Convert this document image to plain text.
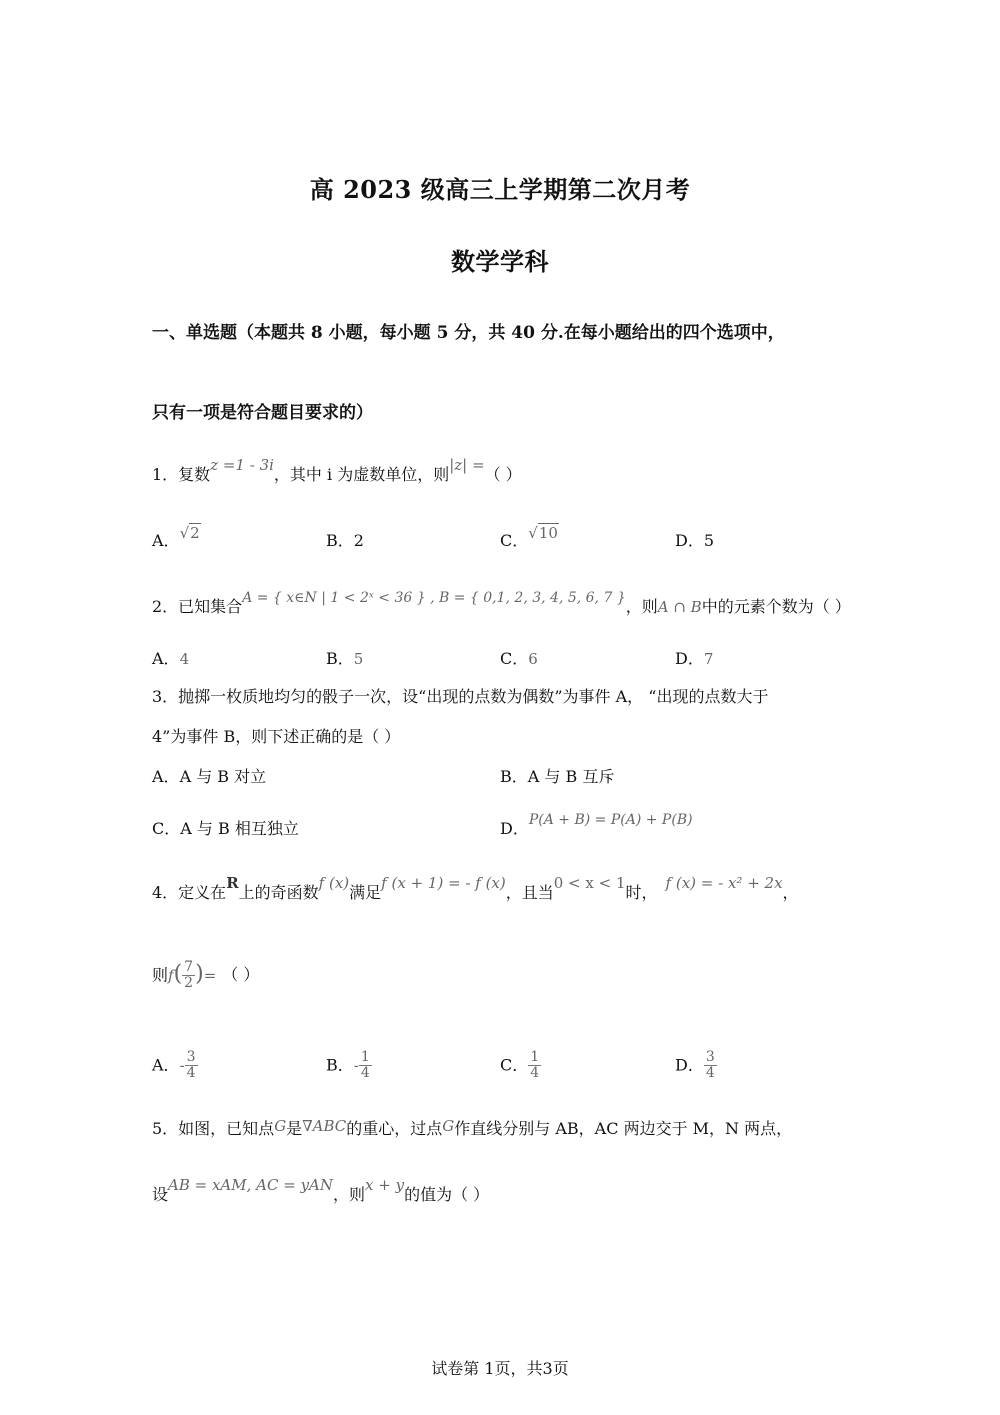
高 2023 级高三上学期第二次月考
数学学科
一、单选题（本题共 8 小题，每小题 5 分，共 40 分.在每小题给出的四个选项中，
只有一项是符合题目要求的）
1．复数z =1 - 3i，其中 i 为虚数单位，则|z| =（ ）
A．√2	B．2	C．√10	D．5
2．已知集合A = { x∈N | 1 < 2ˣ < 36 } , B = { 0,1, 2, 3, 4, 5, 6, 7 }，则A ∩ B中的元素个数为（ ）
A．4	B．5	C．6	D．7
3．抛掷一枚质地均匀的骰子一次，设“出现的点数为偶数”为事件 A， “出现的点数大于
4”为事件 B，则下述正确的是（ ）
A．A 与 B 对立	B．A 与 B 互斥
C．A 与 B 相互独立	D．P(A + B) = P(A) + P(B)
4．定义在R上的奇函数f (x)满足f (x + 1) = - f (x)，且当0 < x < 1时， f (x) = - x² + 2x，
则$f( \frac{7}{2}$ )= （ ）
A．- $\frac{3}{4}$	B．- $\frac{1}{4}$	C． $\frac{1}{4}$	D． $\frac{3}{4}$
5．如图，已知点G是∇ABC的重心，过点G作直线分别与 AB，AC 两边交于 M，N 两点，
设AB = xAM, AC = yAN，则x + y的值为（ ）
试卷第 1页，共3页
